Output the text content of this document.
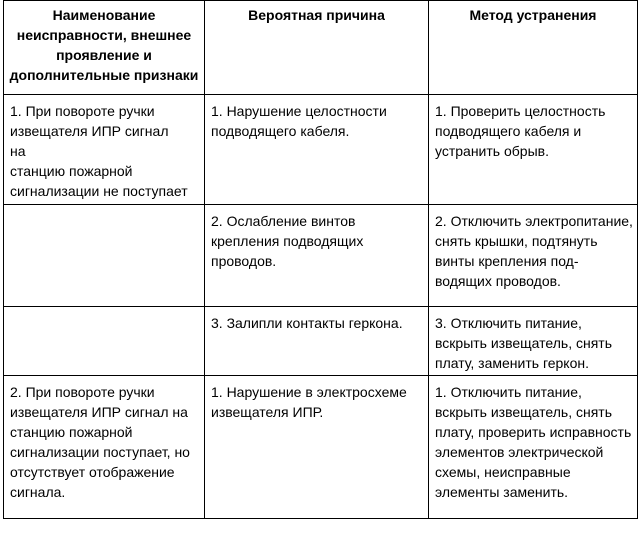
Наименование неисправности, внешнее проявление и дополнительные признаки	Вероятная причина	Метод устранения
1. При повороте ручки извещателя ИПР сигнал
на
станцию пожарной сигнализации не поступает	1. Нарушение целостности подводящего кабеля.	1. Проверить целостность подводящего кабеля и устранить обрыв.
	2. Ослабление винтов крепления подводящих проводов.	2. Отключить электропитание, снять крышки, подтянуть винты крепления под-
водящих проводов.
	3. Залипли контакты геркона.	3. Отключить питание, вскрыть извещатель, снять плату, заменить геркон.
2. При повороте ручки извещателя ИПР сигнал на станцию пожарной сигнализации поступает, но отсутствует отображение сигнала.	1. Нарушение в электросхеме извещателя ИПР.	1. Отключить питание, вскрыть извещатель, снять плату, проверить исправность элементов электрической схемы, неисправные элементы заменить.
